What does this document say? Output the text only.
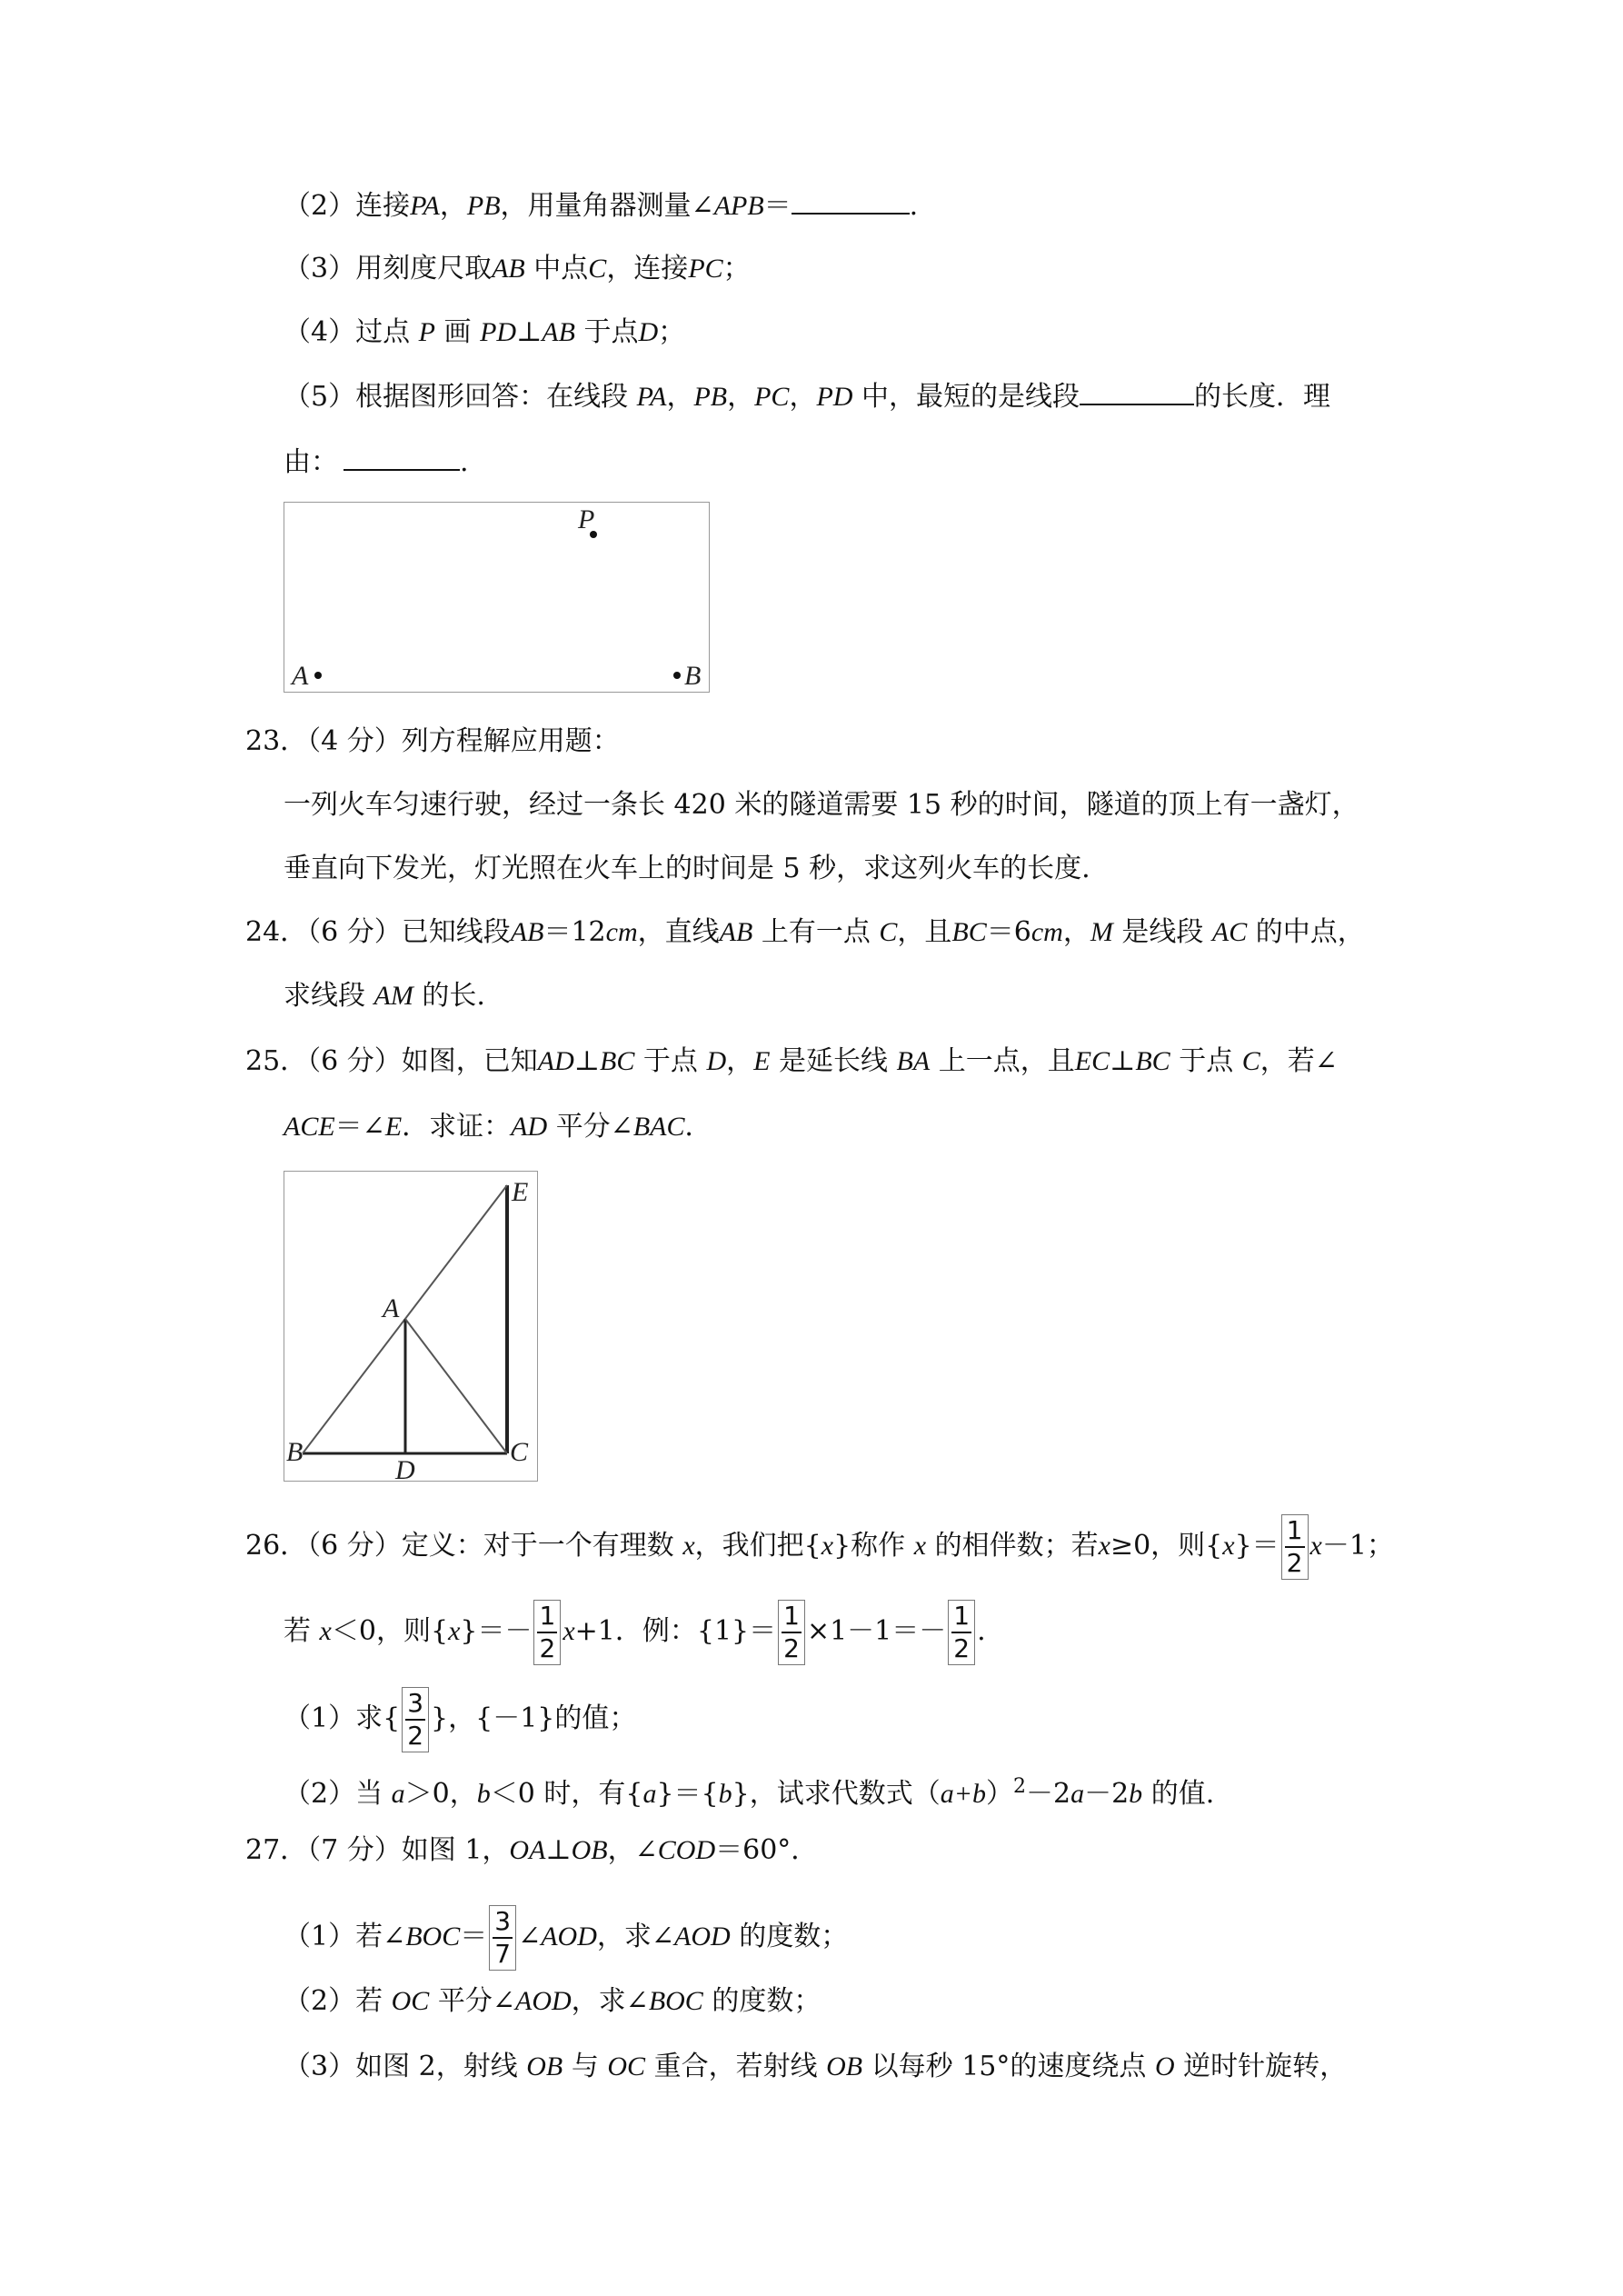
（2）连接PA，PB，用量角器测量∠APB＝	.
（3）用刻度尺取AB 中点C，连接PC；
（4）过点 P 画 PD⊥AB 于点D；
（5）根据图形回答：在线段 PA，PB，PC，PD 中，最短的是线段	的长度．理
由：	.
P
A	B
23．（4 分）列方程解应用题：
一列火车匀速行驶，经过一条长 420 米的隧道需要 15 秒的时间，隧道的顶上有一盏灯，
垂直向下发光，灯光照在火车上的时间是 5 秒，求这列火车的长度.
24．（6 分）已知线段AB＝12cm，直线AB 上有一点 C，且BC＝6cm，M 是线段 AC 的中点，
求线段 AM 的长.
25．（6 分）如图，已知AD⊥BC 于点 D，E 是延长线 BA 上一点，且EC⊥BC 于点 C，若∠
ACE＝∠E．求证：AD 平分∠BAC．
E
A
B
D
C
26．（6 分）定义：对于一个有理数 x，我们把{x}称作 x 的相伴数；若x≥0，则$\{x\}= \frac{1}{2} x-1$；
若 x＜0，则$\{x\}=- \frac{1}{2} x+1$．例：$\{1\}= \frac{1}{2} \times 1-1=- \frac{1}{2}$ .
（1）求{ $\frac{3}{2}$ }，{－1}的值；
（2）当 a＞0，b＜0 时，有{a}＝{b}，试求代数式$(a+b)^2-2a-2b$ 的值.
27．（7 分）如图 1，OA⊥OB，∠COD＝60°．
（1）若∠BOC＝ $\frac{3}{7}$ ∠AOD，求∠AOD 的度数；
（2）若 OC 平分∠AOD，求∠BOC 的度数；
（3）如图 2，射线 OB 与 OC 重合，若射线 OB 以每秒 15°的速度绕点 O 逆时针旋转，
